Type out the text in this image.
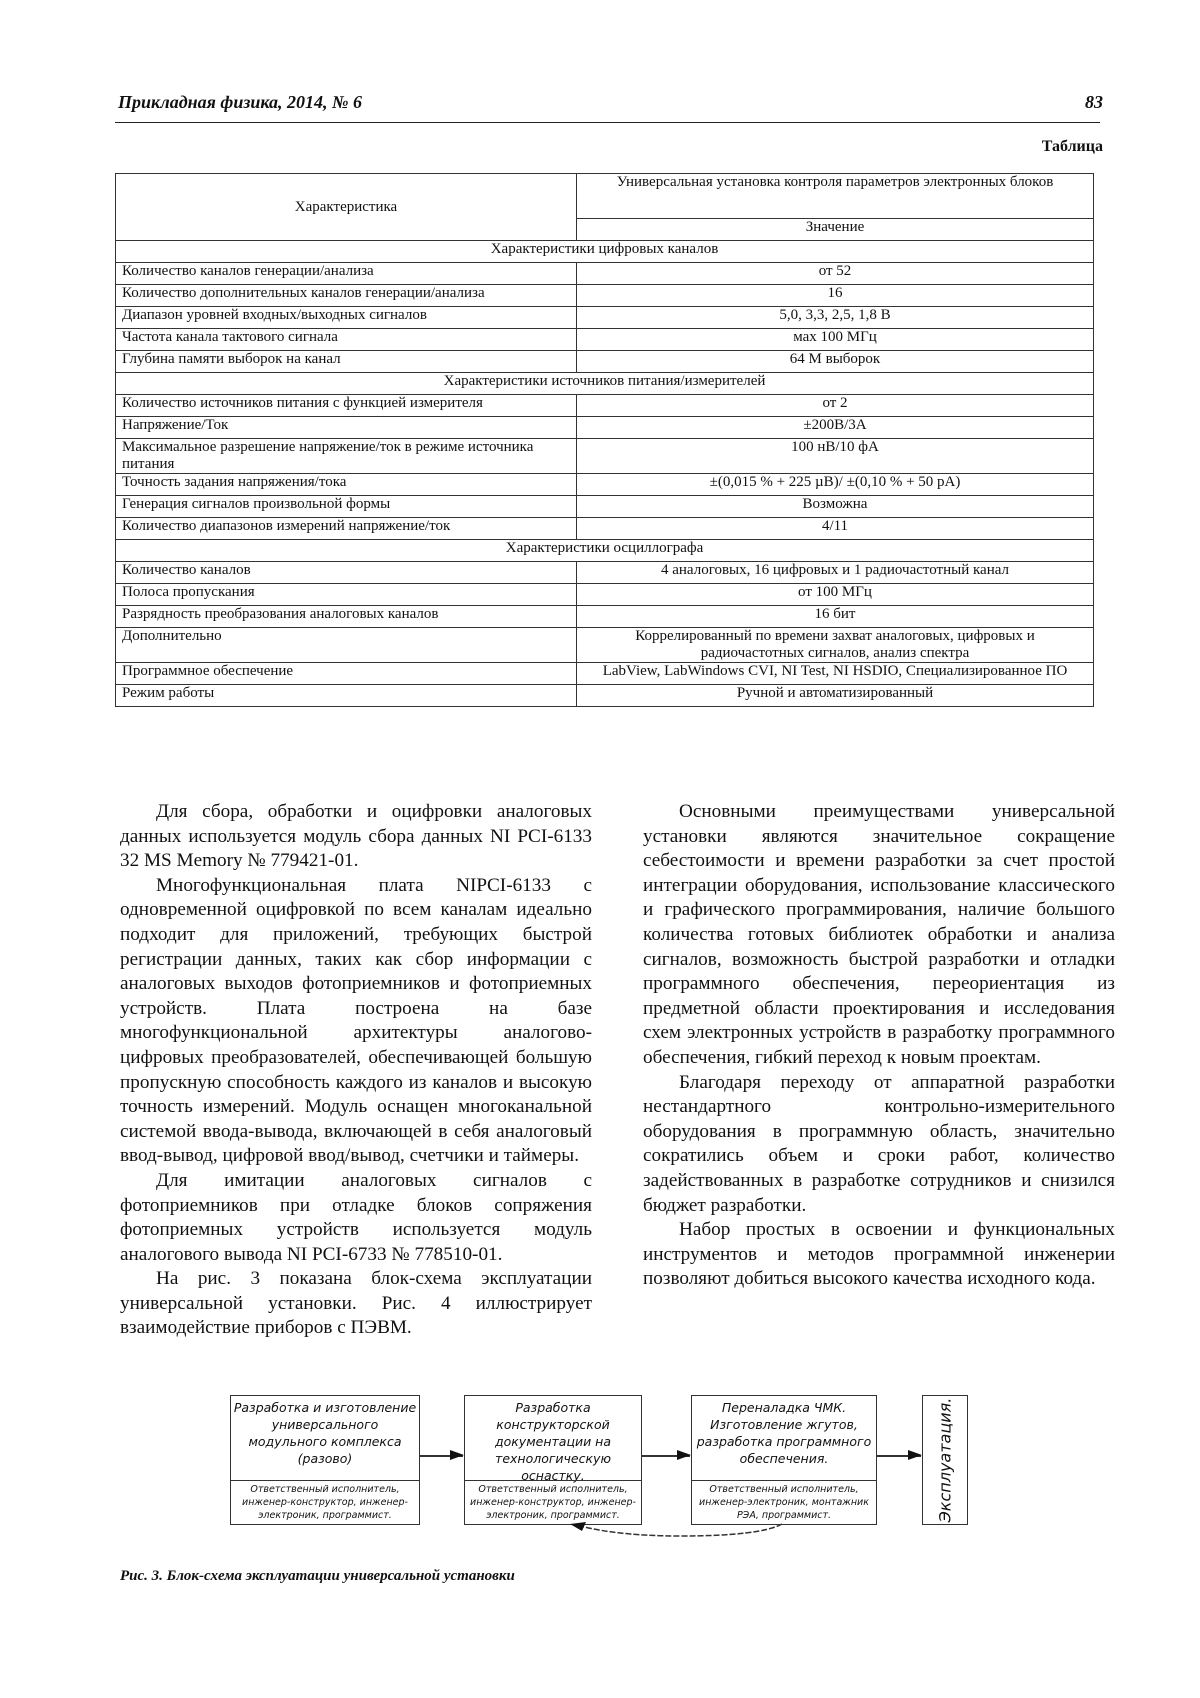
Прикладная физика, 2014, № 6	83
Таблица
Характеристика	Универсальная установка контроля параметров электронных блоков
	Значение
Характеристики цифровых каналов	
Количество каналов генерации/анализа	от 52
Количество дополнительных каналов генерации/анализа	16
Диапазон уровней входных/выходных сигналов	5,0, 3,3, 2,5, 1,8 В
Частота канала тактового сигнала	мах 100 МГц
Глубина памяти выборок на канал	64 М выборок
Характеристики источников питания/измерителей	
Количество источников питания с функцией измерителя	от 2
Напряжение/Ток	±200В/3А
Максимальное разрешение напряжение/ток в режиме источника питания	100 нВ/10 фА
Точность задания напряжения/тока	±(0,015 % + 225 µВ)/ ±(0,10 % + 50 pA)
Генерация сигналов произвольной формы	Возможна
Количество диапазонов измерений напряжение/ток	4/11
Характеристики осциллографа	
Количество каналов	4 аналоговых, 16 цифровых и 1 радиочастотный канал
Полоса пропускания	от 100 МГц
Разрядность преобразования аналоговых каналов	16 бит
Дополнительно	Коррелированный по времени захват аналоговых, цифровых и радиочастотных сигналов, анализ спектра
Программное обеспечение	LabView, LabWindows CVI, NI Test, NI HSDIO, Специализированное ПО
Режим работы	Ручной и автоматизированный

Для сбора, обработки и оцифровки аналоговых данных используется модуль сбора данных NI PCI-6133 32 MS Memory № 779421-01.

Многофункциональная плата NIPCI-6133 с одновременной оцифровкой по всем каналам идеально подходит для приложений, требующих быстрой регистрации данных, таких как сбор информации с аналоговых выходов фотоприемников и фотоприемных устройств. Плата построена на базе многофункциональной архитектуры аналогово-цифровых преобразователей, обеспечивающей большую пропускную способность каждого из каналов и высокую точность измерений. Модуль оснащен многоканальной системой ввода-вывода, включающей в себя аналоговый ввод-вывод, цифровой ввод/вывод, счетчики и таймеры.

Для имитации аналоговых сигналов с фотоприемников при отладке блоков сопряжения фотоприемных устройств используется модуль аналогового вывода NI PCI-6733 № 778510-01.

На рис. 3 показана блок-схема эксплуатации универсальной установки. Рис. 4 иллюстрирует взаимодействие приборов с ПЭВМ.

Основными преимуществами универсальной установки являются значительное сокращение себестоимости и времени разработки за счет простой интеграции оборудования, использование классического и графического программирования, наличие большого количества готовых библиотек обработки и анализа сигналов, возможность быстрой разработки и отладки программного обеспечения, переориентация из предметной области проектирования и исследования схем электронных устройств в разработку программного обеспечения, гибкий переход к новым проектам.

Благодаря переходу от аппаратной разработки нестандартного контрольно-измерительного оборудования в программную область, значительно сократились объем и сроки работ, количество задействованных в разработке сотрудников и снизился бюджет разработки.

Набор простых в освоении и функциональных инструментов и методов программной инженерии позволяют добиться высокого качества исходного кода.

Разработка и изготовление универсального модульного комплекса (разово)
Ответственный исполнитель, инженер-конструктор, инженер-электроник, программист.
Разработка конструкторской документации на технологическую оснастку.
Ответственный исполнитель, инженер-конструктор, инженер-электроник, программист.
Переналадка ЧМК. Изготовление жгутов, разработка программного обеспечения.
Ответственный исполнитель, инженер-электроник, монтажник РЭА, программист.	Эксплуатация.
Рис. 3. Блок-схема эксплуатации универсальной установки
